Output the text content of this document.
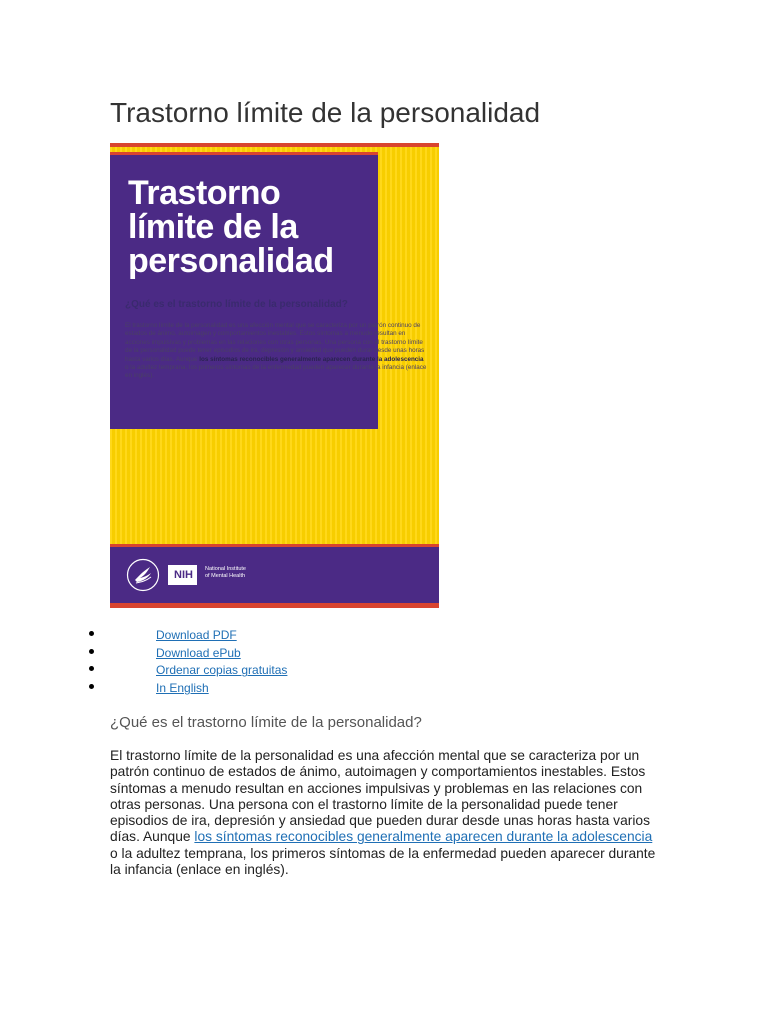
Trastorno límite de la personalidad
Trastorno
límite de la
personalidad
¿Qué es el trastorno límite de la personalidad?
El trastorno límite de la personalidad es una afección mental que se caracteriza por un patrón continuo de estados de ánimo, autoimagen y comportamientos inestables. Estos síntomas a menudo resultan en acciones impulsivas y problemas en las relaciones con otras personas. Una persona con el trastorno límite de la personalidad puede tener episodios de ira, depresión y ansiedad que pueden durar desde unas horas hasta varios días. Aunque los síntomas reconocibles generalmente aparecen durante la adolescencia o la adultez temprana, los primeros síntomas de la enfermedad pueden aparecer durante la infancia (enlace en inglés).
NIH	National Institute
of Mental Health
Download PDF
Download ePub
Ordenar copias gratuitas
In English
¿Qué es el trastorno límite de la personalidad?

El trastorno límite de la personalidad es una afección mental que se caracteriza por un patrón continuo de estados de ánimo, autoimagen y comportamientos inestables. Estos síntomas a menudo resultan en acciones impulsivas y problemas en las relaciones con otras personas. Una persona con el trastorno límite de la personalidad puede tener episodios de ira, depresión y ansiedad que pueden durar desde unas horas hasta varios días. Aunque los síntomas reconocibles generalmente aparecen durante la adolescencia o la adultez temprana, los primeros síntomas de la enfermedad pueden aparecer durante la infancia (enlace en inglés).
